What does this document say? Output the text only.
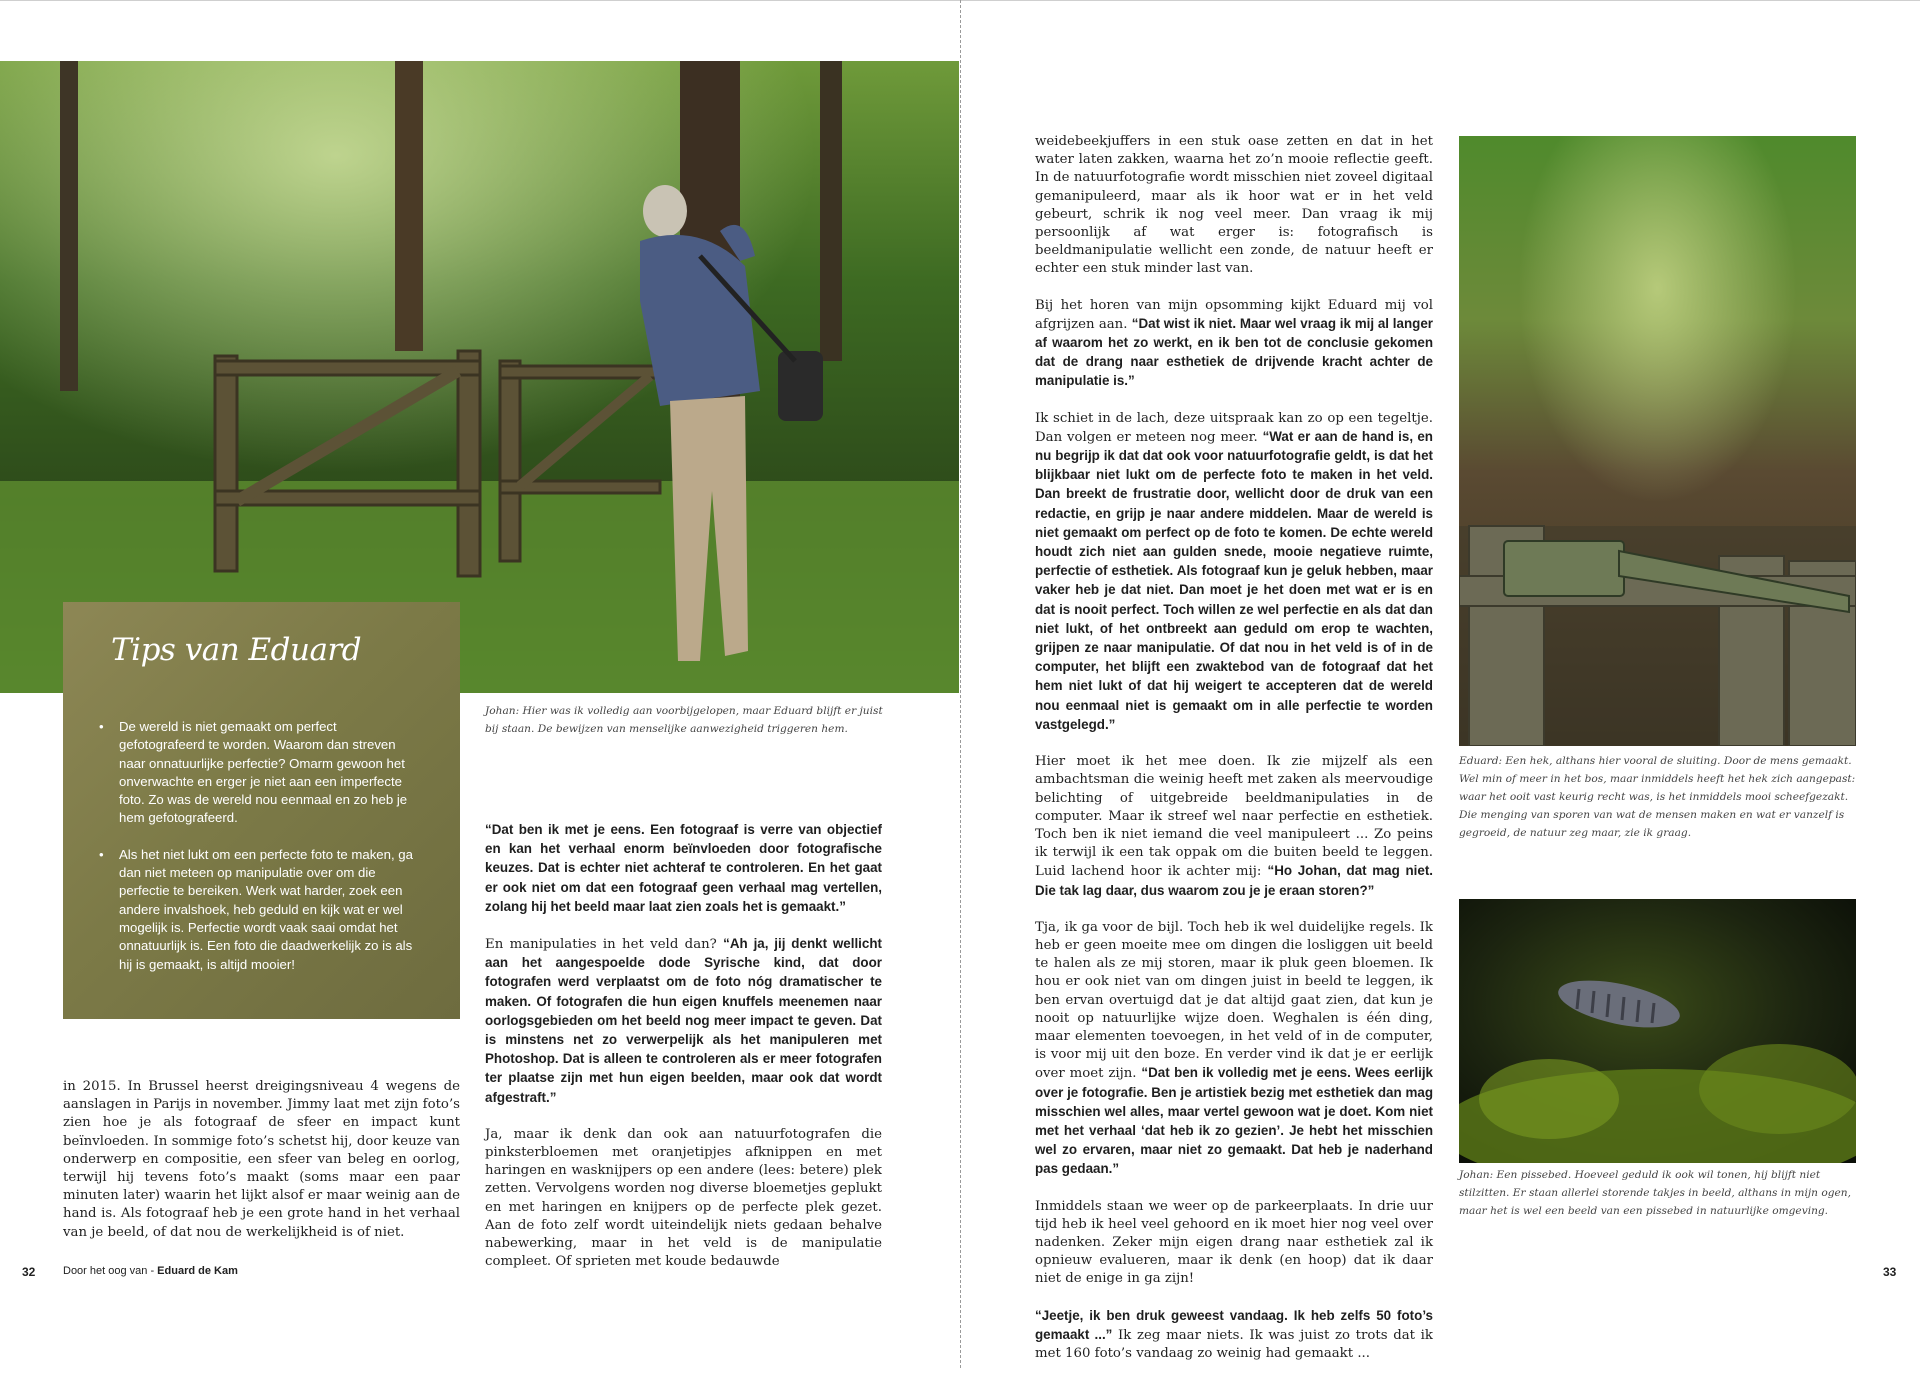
Tips van Eduard
• De wereld is niet gemaakt om perfect gefotografeerd te worden. Waarom dan streven naar onnatuurlijke perfectie? Omarm gewoon het onverwachte en erger je niet aan een imperfecte foto. Zo was de wereld nou eenmaal en zo heb je hem gefotografeerd.
• Als het niet lukt om een perfecte foto te maken, ga dan niet meteen op manipulatie over om die perfectie te bereiken. Werk wat harder, zoek een andere invalshoek, heb geduld en kijk wat er wel mogelijk is. Perfectie wordt vaak saai omdat het onnatuurlijk is. Een foto die daadwerkelijk zo is als hij is gemaakt, is altijd mooier!
Johan: Hier was ik volledig aan voorbijgelopen, maar Eduard blijft er juist bij staan. De bewijzen van menselijke aanwezigheid triggeren hem.

in 2015. In Brussel heerst dreigingsniveau 4 wegens de aanslagen in Parijs in november. Jimmy laat met zijn foto’s zien hoe je als fotograaf de sfeer en impact kunt beïnvloeden. In sommige foto’s schetst hij, door keuze van onderwerp en compositie, een sfeer van beleg en oorlog, terwijl hij tevens foto’s maakt (soms maar een paar minuten later) waarin het lijkt alsof er maar weinig aan de hand is. Als fotograaf heb je een grote hand in het verhaal van je beeld, of dat nou de werkelijkheid is of niet.

“Dat ben ik met je eens. Een fotograaf is verre van objectief en kan het verhaal enorm beïnvloeden door fotografische keuzes. Dat is echter niet achteraf te controleren. En het gaat er ook niet om dat een fotograaf geen verhaal mag vertellen, zolang hij het beeld maar laat zien zoals het is gemaakt.”

En manipulaties in het veld dan? “Ah ja, jij denkt wellicht aan het aangespoelde dode Syrische kind, dat door fotografen werd verplaatst om de foto nóg dramatischer te maken. Of fotografen die hun eigen knuffels meenemen naar oorlogsgebieden om het beeld nog meer impact te geven. Dat is minstens net zo verwerpelijk als het manipuleren met Photoshop. Dat is alleen te controleren als er meer fotografen ter plaatse zijn met hun eigen beelden, maar ook dat wordt afgestraft.”

Ja, maar ik denk dan ook aan natuurfotografen die pinksterbloemen met oranjetipjes afknippen en met haringen en wasknijpers op een andere (lees: betere) plek zetten. Vervolgens worden nog diverse bloemetjes geplukt en met haringen en knijpers op de perfecte plek gezet. Aan de foto zelf wordt uiteindelijk niets gedaan behalve nabewerking, maar in het veld is de manipulatie compleet. Of sprieten met koude bedauwde

weidebeekjuffers in een stuk oase zetten en dat in het water laten zakken, waarna het zo’n mooie reflectie geeft. In de natuurfotografie wordt misschien niet zoveel digitaal gemanipuleerd, maar als ik hoor wat er in het veld gebeurt, schrik ik nog veel meer. Dan vraag ik mij persoonlijk af wat erger is: fotografisch is beeldmanipulatie wellicht een zonde, de natuur heeft er echter een stuk minder last van.

Bij het horen van mijn opsomming kijkt Eduard mij vol afgrijzen aan. “Dat wist ik niet. Maar wel vraag ik mij al langer af waarom het zo werkt, en ik ben tot de conclusie gekomen dat de drang naar esthetiek de drijvende kracht achter de manipulatie is.”

Ik schiet in de lach, deze uitspraak kan zo op een tegeltje. Dan volgen er meteen nog meer. “Wat er aan de hand is, en nu begrijp ik dat dat ook voor natuurfotografie geldt, is dat het blijkbaar niet lukt om de perfecte foto te maken in het veld. Dan breekt de frustratie door, wellicht door de druk van een redactie, en grijp je naar andere middelen. Maar de wereld is niet gemaakt om perfect op de foto te komen. De echte wereld houdt zich niet aan gulden snede, mooie negatieve ruimte, perfectie of esthetiek. Als fotograaf kun je geluk hebben, maar vaker heb je dat niet. Dan moet je het doen met wat er is en dat is nooit perfect. Toch willen ze wel perfectie en als dat dan niet lukt, of het ontbreekt aan geduld om erop te wachten, grijpen ze naar manipulatie. Of dat nou in het veld is of in de computer, het blijft een zwaktebod van de fotograaf dat het hem niet lukt of dat hij weigert te accepteren dat de wereld nou eenmaal niet is gemaakt om in alle perfectie te worden vastgelegd.”

Hier moet ik het mee doen. Ik zie mijzelf als een ambachtsman die weinig heeft met zaken als meervoudige belichting of uitgebreide beeldmanipulaties in de computer. Maar ik streef wel naar perfectie en esthetiek. Toch ben ik niet iemand die veel manipuleert ... Zo peins ik terwijl ik een tak oppak om die buiten beeld te leggen. Luid lachend hoor ik achter mij: “Ho Johan, dat mag niet. Die tak lag daar, dus waarom zou je je eraan storen?”

Tja, ik ga voor de bijl. Toch heb ik wel duidelijke regels. Ik heb er geen moeite mee om dingen die losliggen uit beeld te halen als ze mij storen, maar ik pluk geen bloemen. Ik hou er ook niet van om dingen juist in beeld te leggen, ik ben ervan overtuigd dat je dat altijd gaat zien, dat kun je nooit op natuurlijke wijze doen. Weghalen is één ding, maar elementen toevoegen, in het veld of in de computer, is voor mij uit den boze. En verder vind ik dat je er eerlijk over moet zijn. “Dat ben ik volledig met je eens. Wees eerlijk over je fotografie. Ben je artistiek bezig met esthetiek dan mag misschien wel alles, maar vertel gewoon wat je doet. Kom niet met het verhaal ‘dat heb ik zo gezien’. Je hebt het misschien wel zo ervaren, maar niet zo gemaakt. Dat heb je naderhand pas gedaan.”

Inmiddels staan we weer op de parkeerplaats. In drie uur tijd heb ik heel veel gehoord en ik moet hier nog veel over nadenken. Zeker mijn eigen drang naar esthetiek zal ik opnieuw evalueren, maar ik denk (en hoop) dat ik daar niet de enige in ga zijn!

“Jeetje, ik ben druk geweest vandaag. Ik heb zelfs 50 foto’s gemaakt ...” Ik zeg maar niets. Ik was juist zo trots dat ik met 160 foto’s vandaag zo weinig had gemaakt ...

Eduard: Een hek, althans hier vooral de sluiting. Door de mens gemaakt. Wel min of meer in het bos, maar inmiddels heeft het hek zich aangepast: waar het ooit vast keurig recht was, is het inmiddels mooi scheefgezakt. Die menging van sporen van wat de mensen maken en wat er vanzelf is gegroeid, de natuur zeg maar, zie ik graag.
Johan: Een pissebed. Hoeveel geduld ik ook wil tonen, hij blijft niet stilzitten. Er staan allerlei storende takjes in beeld, althans in mijn ogen, maar het is wel een beeld van een pissebed in natuurlijke omgeving.
32	Door het oog van - Eduard de Kam	33
